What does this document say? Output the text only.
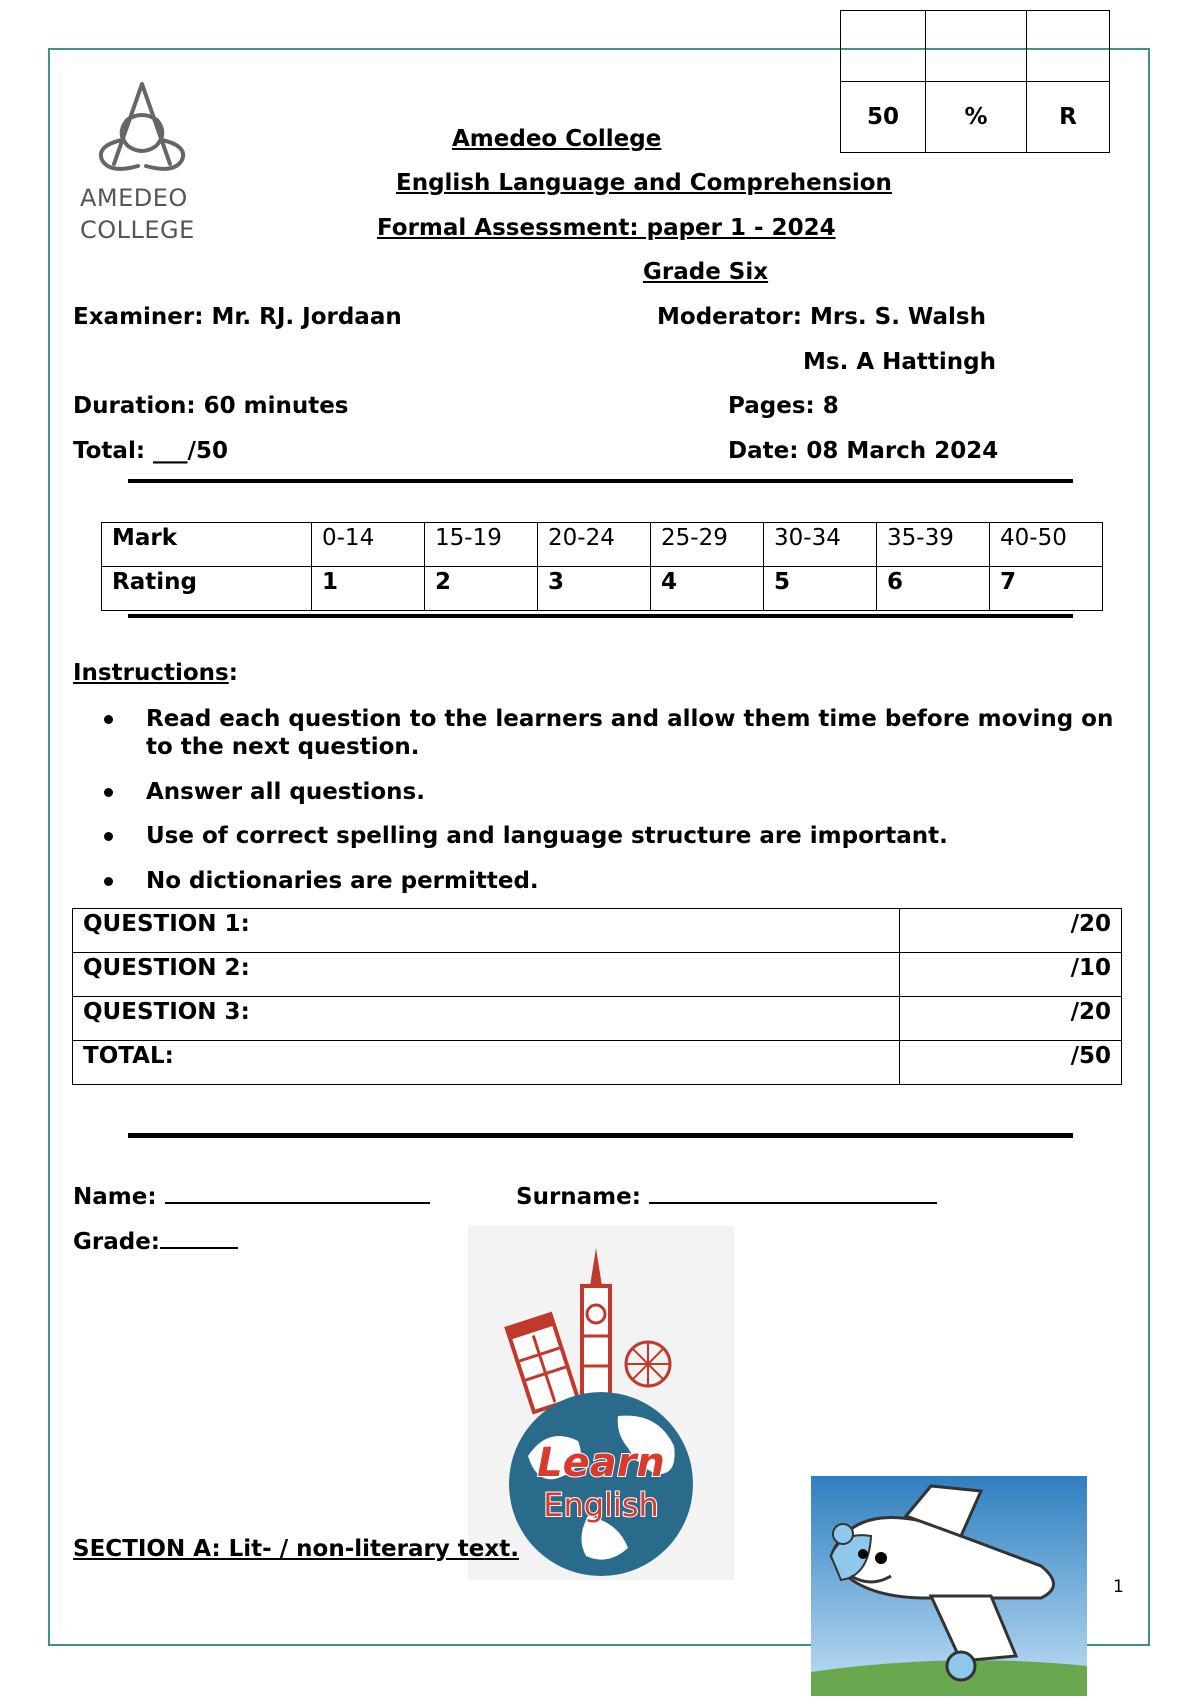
50	%	R
AMEDEO
COLLEGE
Amedeo College
English Language and Comprehension
Formal Assessment: paper 1 - 2024
Grade Six
Examiner: Mr. RJ. Jordaan	Moderator: Mrs. S. Walsh
Ms. A Hattingh
Duration: 60 minutes	Pages: 8
Total: ___/50	Date: 08 March 2024
Mark	0-14	15-19	20-24	25-29	30-34	35-39	40-50
Rating	1	2	3	4	5	6	7
Instructions:
Read each question to the learners and allow them time before moving on to the next question.
Answer all questions.
Use of correct spelling and language structure are important.
No dictionaries are permitted.
QUESTION 1:	/20
QUESTION 2:	/10
QUESTION 3:	/20
TOTAL:	/50
Name:	Surname:
Grade:
Learn
English
SECTION A: Lit- / non-literary text.
1
